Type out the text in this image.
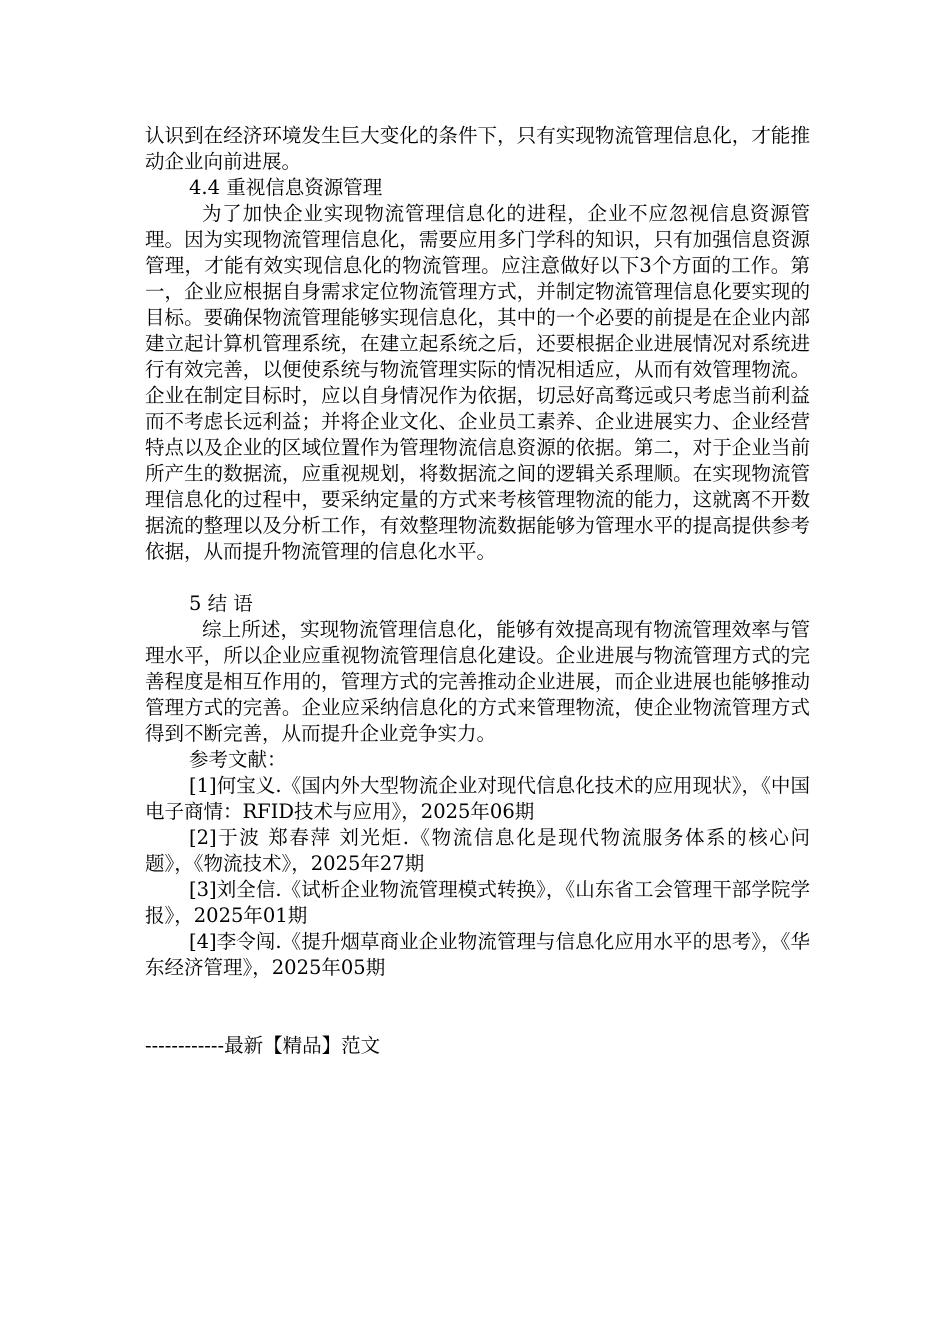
认识到在经济环境发生巨大变化的条件下，只有实现物流管理信息化，才能推动企业向前进展。

4.4 重视信息资源管理

为了加快企业实现物流管理信息化的进程，企业不应忽视信息资源管理。因为实现物流管理信息化，需要应用多门学科的知识，只有加强信息资源管理，才能有效实现信息化的物流管理。应注意做好以下3个方面的工作。第一，企业应根据自身需求定位物流管理方式，并制定物流管理信息化要实现的目标。要确保物流管理能够实现信息化，其中的一个必要的前提是在企业内部建立起计算机管理系统，在建立起系统之后，还要根据企业进展情况对系统进行有效完善，以便使系统与物流管理实际的情况相适应，从而有效管理物流。企业在制定目标时，应以自身情况作为依据，切忌好高骛远或只考虑当前利益而不考虑长远利益；并将企业文化、企业员工素养、企业进展实力、企业经营特点以及企业的区域位置作为管理物流信息资源的依据。第二，对于企业当前所产生的数据流，应重视规划，将数据流之间的逻辑关系理顺。在实现物流管理信息化的过程中，要采纳定量的方式来考核管理物流的能力，这就离不开数据流的整理以及分析工作，有效整理物流数据能够为管理水平的提高提供参考依据，从而提升物流管理的信息化水平。

5 结 语

综上所述，实现物流管理信息化，能够有效提高现有物流管理效率与管理水平，所以企业应重视物流管理信息化建设。企业进展与物流管理方式的完善程度是相互作用的，管理方式的完善推动企业进展，而企业进展也能够推动管理方式的完善。企业应采纳信息化的方式来管理物流，使企业物流管理方式得到不断完善，从而提升企业竞争实力。

参考文献：

[1]何宝义.《国内外大型物流企业对现代信息化技术的应用现状》，《中国电子商情：RFID技术与应用》，2025年06期

[2]于波 郑春萍 刘光炬.《物流信息化是现代物流服务体系的核心问题》，《物流技术》，2025年27期

[3]刘全信.《试析企业物流管理模式转换》，《山东省工会管理干部学院学报》，2025年01期

[4]李令闯.《提升烟草商业企业物流管理与信息化应用水平的思考》，《华东经济管理》，2025年05期

------------最新【精品】范文
